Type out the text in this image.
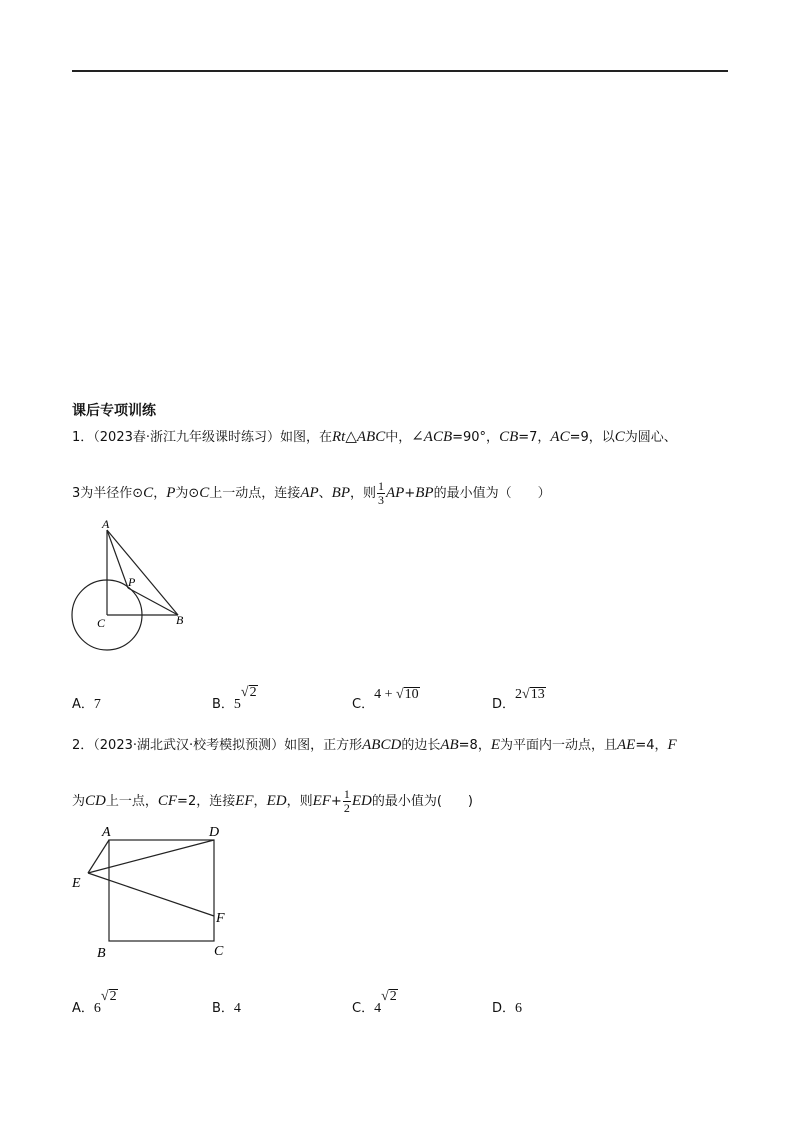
课后专项训练
1．（2023春·浙江九年级课时练习）如图，在Rt△ABC中，∠ACB=90°，CB=7，AC=9，以C为圆心、
3为半径作⊙C，P为⊙C上一动点，连接AP、BP，则 $\frac{1}{3} AP+BP$的最小值为（　　）
A
P
C	B
A．7	B．5√2
C．4 + √10
D．2√13
2．（2023·湖北武汉·校考模拟预测）如图，正方形ABCD的边长AB=8，E为平面内一动点，且AE=4，F
为CD上一点，CF=2，连接EF，ED，则$EF+ \frac{1}{2}$ ED的最小值为(　　)
A	D
E
F
B	C
A．6√2
B．4	C．4√2
D．6
